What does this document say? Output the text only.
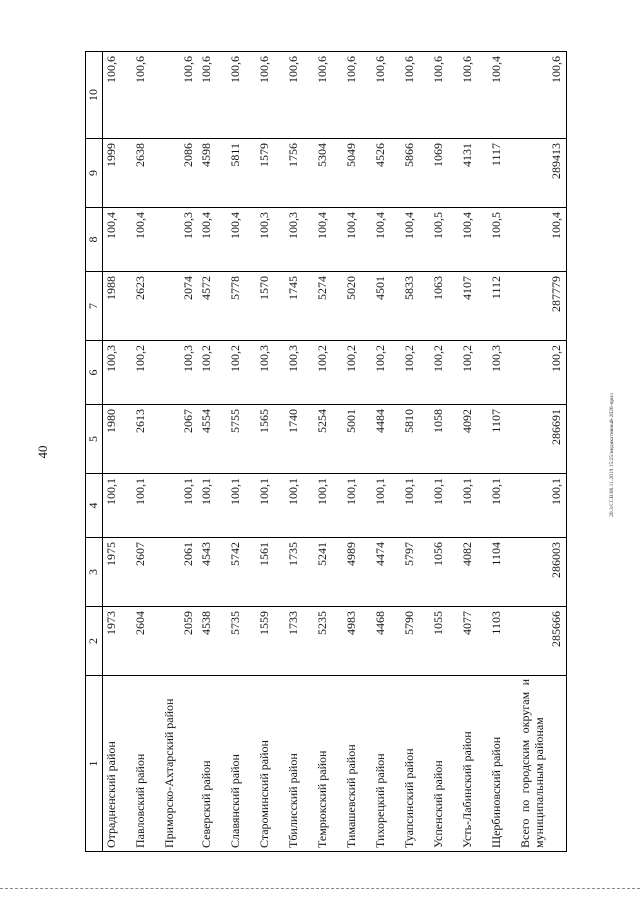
40	20.3/CCВ/06.11.2019 15:25/индикативный-2020-прил
1	2	3	4	5	6	7	8	9	10
Отрадненский район	1973	1975	100,1	1980	100,3	1988	100,4	1999	100,6
Павловский район	2604	2607	100,1	2613	100,2	2623	100,4	2638	100,6
Приморско-Ахтарский район	2059	2061	100,1	2067	100,3	2074	100,3	2086	100,6
Северский район	4538	4543	100,1	4554	100,2	4572	100,4	4598	100,6
Славянский район	5735	5742	100,1	5755	100,2	5778	100,4	5811	100,6
Староминский район	1559	1561	100,1	1565	100,3	1570	100,3	1579	100,6
Тбилисский район	1733	1735	100,1	1740	100,3	1745	100,3	1756	100,6
Темрюкский район	5235	5241	100,1	5254	100,2	5274	100,4	5304	100,6
Тимашевский район	4983	4989	100,1	5001	100,2	5020	100,4	5049	100,6
Тихорецкий район	4468	4474	100,1	4484	100,2	4501	100,4	4526	100,6
Туапсинский район	5790	5797	100,1	5810	100,2	5833	100,4	5866	100,6
Успенский район	1055	1056	100,1	1058	100,2	1063	100,5	1069	100,6
Усть-Лабинский район	4077	4082	100,1	4092	100,2	4107	100,4	4131	100,6
Щербиновский район	1103	1104	100,1	1107	100,3	1112	100,5	1117	100,4
Всего по городским округам и муниципальным районам	285666	286003	100,1	286691	100,2	287779	100,4	289413	100,6
